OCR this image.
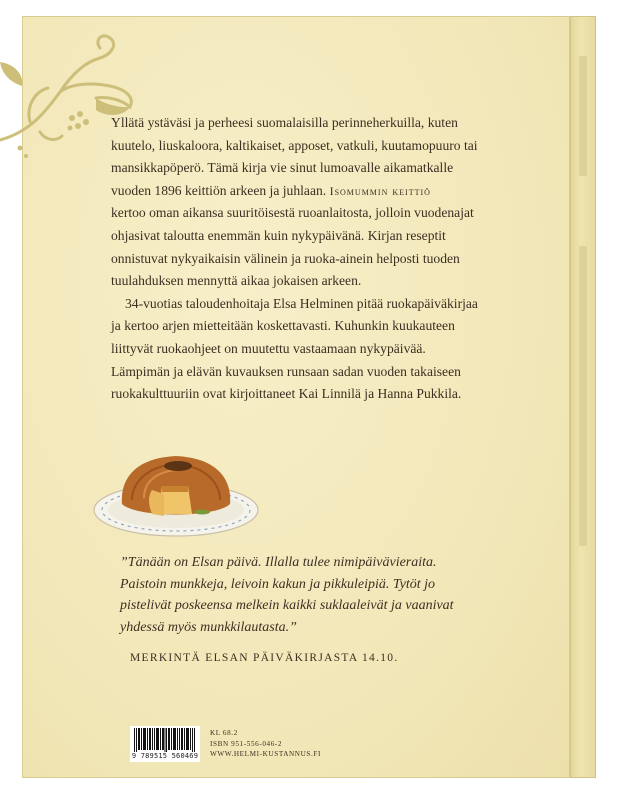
Yllätä ystäväsi ja perheesi suomalaisilla perinneherkuilla, kuten
kuutelo, liuskaloora, kaltikaiset, apposet, vatkuli, kuutamopuuro tai
mansikkapöperö. Tämä kirja vie sinut lumoavalle aikamatkalle
vuoden 1896 keittiön arkeen ja juhlaan. Isomummin keittiö
kertoo oman aikansa suuritöisestä ruoanlaitosta, jolloin vuodenajat
ohjasivat taloutta enemmän kuin nykypäivänä. Kirjan reseptit
onnistuvat nykyaikaisin välinein ja ruoka-ainein helposti tuoden
tuulahduksen mennyttä aikaa jokaisen arkeen.

34-vuotias taloudenhoitaja Elsa Helminen pitää ruokapäiväkirjaa
ja kertoo arjen mietteitään koskettavasti. Kuhunkin kuukauteen
liittyvät ruokaohjeet on muutettu vastaamaan nykypäivää.
Lämpimän ja elävän kuvauksen runsaan sadan vuoden takaiseen
ruokakulttuuriin ovat kirjoittaneet Kai Linnilä ja Hanna Pukkila.

”Tänään on Elsan päivä. Illalla tulee nimipäivävieraita.
Paistoin munkkeja, leivoin kakun ja pikkuleipiä. Tytöt jo
pistelivät poskeensa melkein kaikki suklaaleivät ja vaanivat
yhdessä myös munkkilautasta.”

MERKINTÄ ELSAN PÄIVÄKIRJASTA 14.10.
9 789515 560469
KL 68.2
ISBN 951-556-046-2
WWW.HELMI-KUSTANNUS.FI
